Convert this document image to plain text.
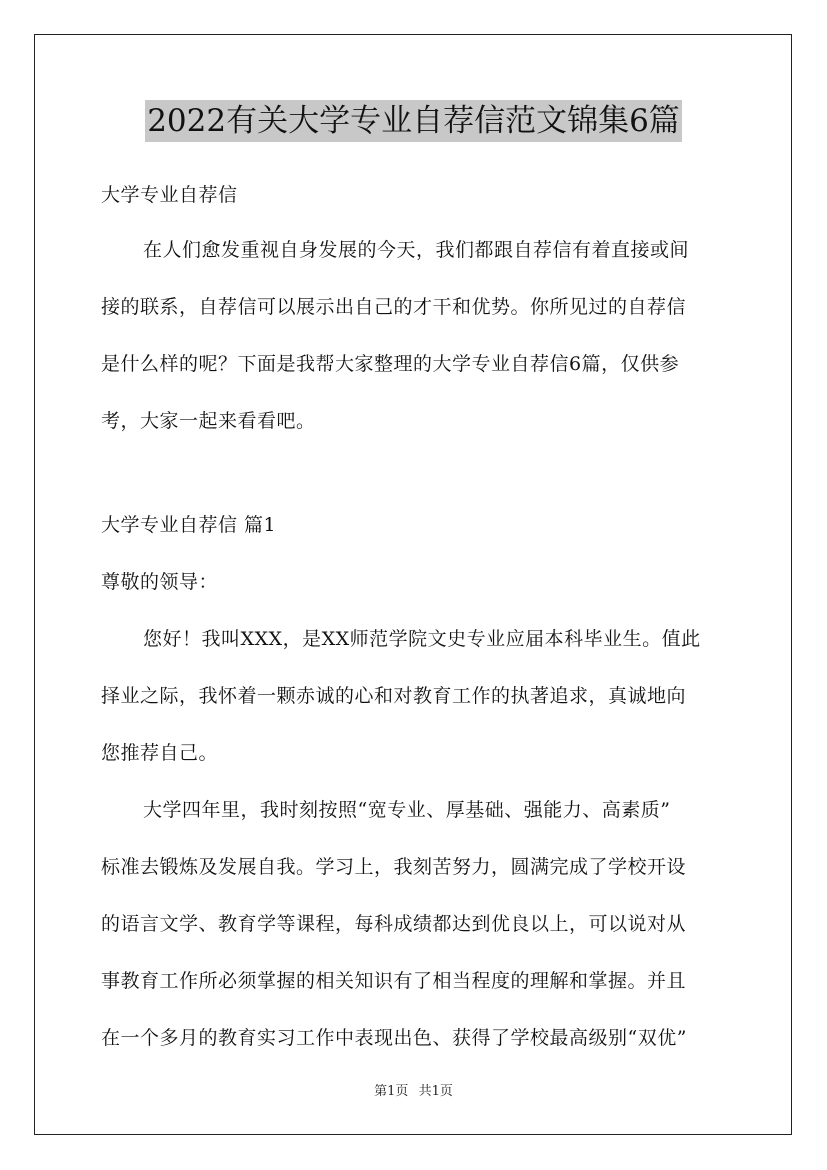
2022有关大学专业自荐信范文锦集6篇
大学专业自荐信
在人们愈发重视自身发展的今天，我们都跟自荐信有着直接或间
接的联系，自荐信可以展示出自己的才干和优势。你所见过的自荐信
是什么样的呢？下面是我帮大家整理的大学专业自荐信6篇，仅供参
考，大家一起来看看吧。
大学专业自荐信 篇1
尊敬的领导：
您好！我叫XXX，是XX师范学院文史专业应届本科毕业生。值此
择业之际，我怀着一颗赤诚的心和对教育工作的执著追求，真诚地向
您推荐自己。
大学四年里，我时刻按照“宽专业、厚基础、强能力、高素质”
标准去锻炼及发展自我。学习上，我刻苦努力，圆满完成了学校开设
的语言文学、教育学等课程，每科成绩都达到优良以上，可以说对从
事教育工作所必须掌握的相关知识有了相当程度的理解和掌握。并且
在一个多月的教育实习工作中表现出色、获得了学校最高级别“双优”
第1页 共1页
